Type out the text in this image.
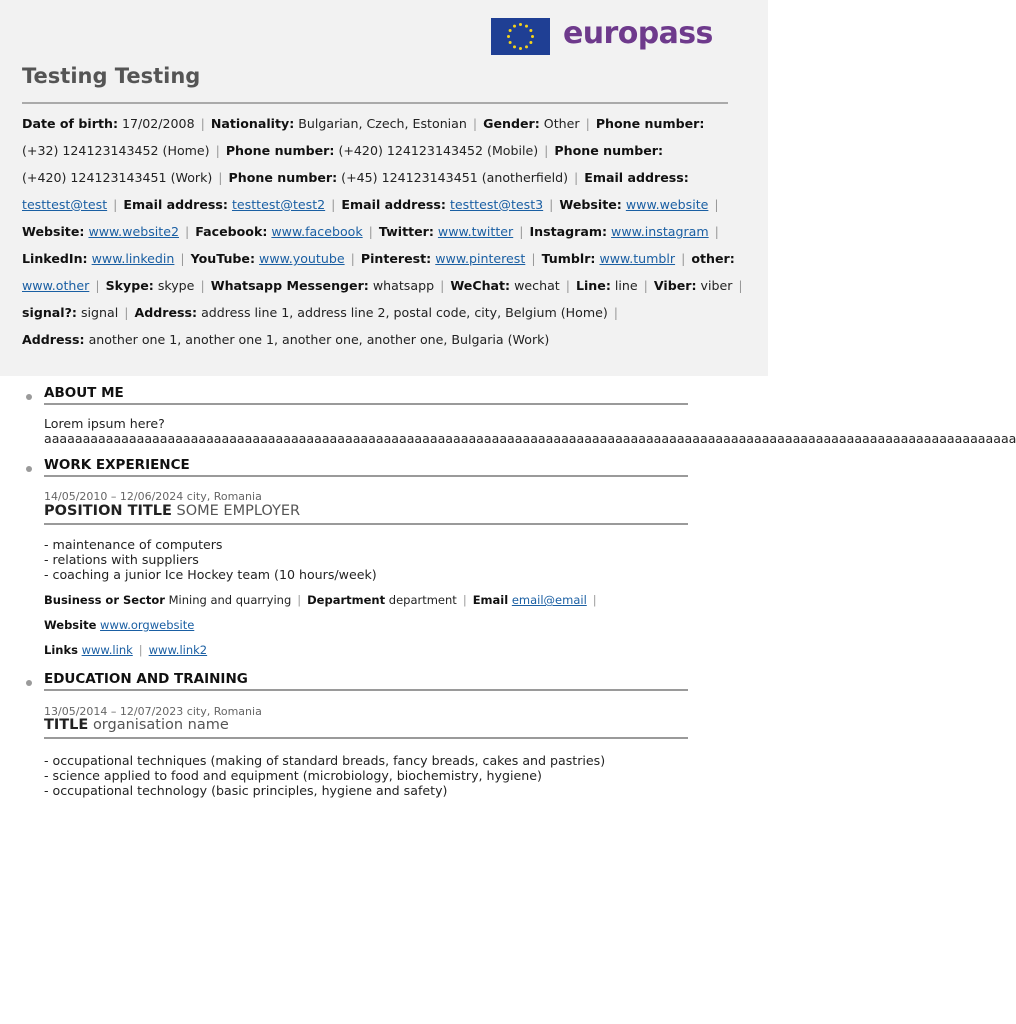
europass
Testing Testing
Date of birth: 17/02/2008 | Nationality: Bulgarian, Czech, Estonian | Gender: Other | Phone number:
(+32) 124123143452 (Home) | Phone number: (+420) 124123143452 (Mobile) | Phone number:
(+420) 124123143451 (Work) | Phone number: (+45) 124123143451 (anotherfield) | Email address:
testtest@test | Email address: testtest@test2 | Email address: testtest@test3 | Website: www.website |
Website: www.website2 | Facebook: www.facebook | Twitter: www.twitter | Instagram: www.instagram |
LinkedIn: www.linkedin | YouTube: www.youtube | Pinterest: www.pinterest | Tumblr: www.tumblr | other:
www.other | Skype: skype | Whatsapp Messenger: whatsapp | WeChat: wechat | Line: line | Viber: viber |
signal?: signal | Address: address line 1, address line 2, postal code, city, Belgium (Home) |
Address: another one 1, another one 1, another one, another one, Bulgaria (Work)
ABOUT ME
Lorem ipsum here?
aaaaaaaaaaaaaaaaaaaaaaaaaaaaaaaaaaaaaaaaaaaaaaaaaaaaaaaaaaaaaaaaaaaaaaaaaaaaaaaaaaaaaaaaaaaaaaaaaaaaaaaaaaaaaaaaaaaaaaaaaaaaaa
WORK EXPERIENCE
14/05/2010 – 12/06/2024 city, Romania
POSITION TITLE SOME EMPLOYER
- maintenance of computers
- relations with suppliers
- coaching a junior Ice Hockey team (10 hours/week)
Business or Sector Mining and quarrying | Department department | Email email@email |
Website www.orgwebsite
Links www.link | www.link2
EDUCATION AND TRAINING
13/05/2014 – 12/07/2023 city, Romania
TITLE organisation name
- occupational techniques (making of standard breads, fancy breads, cakes and pastries)
- science applied to food and equipment (microbiology, biochemistry, hygiene)
- occupational technology (basic principles, hygiene and safety)
